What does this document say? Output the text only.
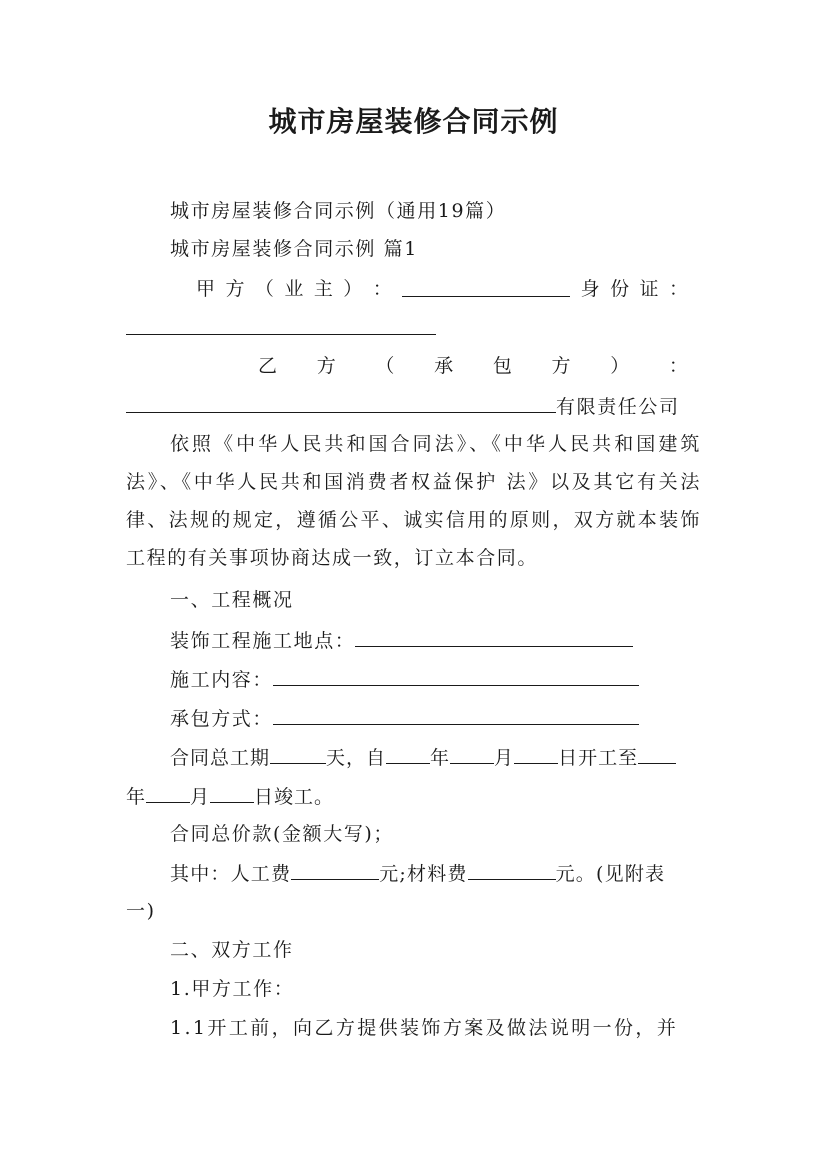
城市房屋装修合同示例
城市房屋装修合同示例（通用19篇）
城市房屋装修合同示例 篇1
甲 方 （ 业 主 ） ：	身 份 证 ：
乙 方 （ 承 包 方 ） ：
有限责任公司
依照《中华人民共和国合同法》、《中华人民共和国建筑法》、《中华人民共和国消费者权益保护 法》以及其它有关法律、法规的规定，遵循公平、诚实信用的原则，双方就本装饰工程的有关事项协商达成一致，订立本合同。
一、工程概况
装饰工程施工地点：
施工内容：
承包方式：
合同总工期	天，自 年 月 日开工至
年 月 日竣工。
合同总价款(金额大写)；
其中：人工费	元;材料费	元。(见附表
一)
二、双方工作
1.甲方工作：
1.1开工前，向乙方提供装饰方案及做法说明一份，并
